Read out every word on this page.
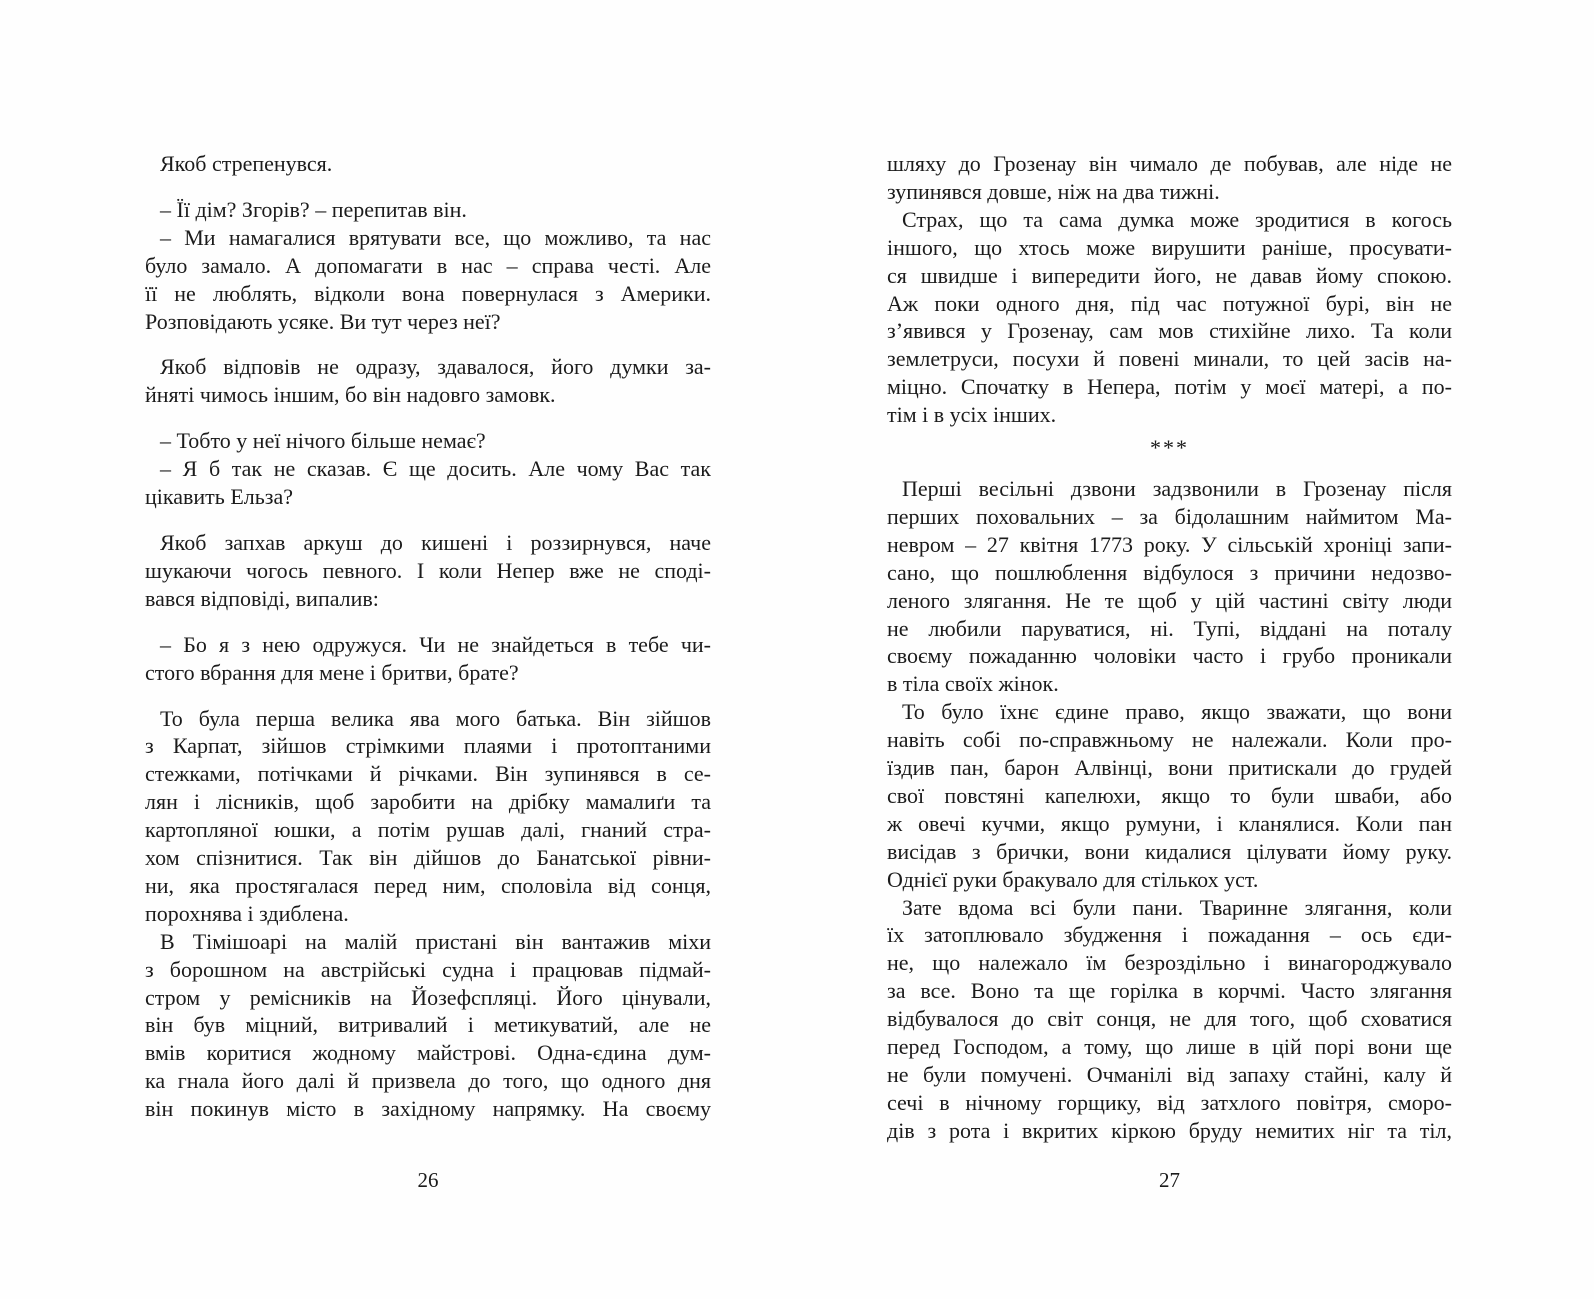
Якоб стрепенувся.
– Її дім? Згорів? – перепитав він.
– Ми намагалися врятувати все, що можливо, та нас
було замало. А допомагати в нас – справа честі. Але
її не люблять, відколи вона повернулася з Америки.
Розповідають усяке. Ви тут через неї?
Якоб відповів не одразу, здавалося, його думки за-
йняті чимось іншим, бо він надовго замовк.
– Тобто у неї нічого більше немає?
– Я б так не сказав. Є ще досить. Але чому Вас так
цікавить Ельза?
Якоб запхав аркуш до кишені і роззирнувся, наче
шукаючи чогось певного. І коли Непер вже не споді-
вався відповіді, випалив:
– Бо я з нею одружуся. Чи не знайдеться в тебе чи-
стого вбрання для мене і бритви, брате?
То була перша велика ява мого батька. Він зійшов
з Карпат, зійшов стрімкими плаями і протоптаними
стежками, потічками й річками. Він зупинявся в се-
лян і лісників, щоб заробити на дрібку мамалиґи та
картопляної юшки, а потім рушав далі, гнаний стра-
хом спізнитися. Так він дійшов до Банатської рівни-
ни, яка простягалася перед ним, споловіла від сонця,
порохнява і здиблена.
В Тімішоарі на малій пристані він вантажив міхи
з борошном на австрійські судна і працював підмай-
стром у ремісників на Йозефспляці. Його цінували,
він був міцний, витривалий і метикуватий, але не
вмів коритися жодному майстрові. Одна-єдина дум-
ка гнала його далі й призвела до того, що одного дня
він покинув місто в західному напрямку. На своєму
шляху до Грозенау він чимало де побував, але ніде не
зупинявся довше, ніж на два тижні.
Страх, що та сама думка може зродитися в когось
іншого, що хтось може вирушити раніше, просувати-
ся швидше і випередити його, не давав йому спокою.
Аж поки одного дня, під час потужної бурі, він не
з’явився у Грозенау, сам мов стихійне лихо. Та коли
землетруси, посухи й повені минали, то цей засів на-
міцно. Спочатку в Непера, потім у моєї матері, а по-
тім і в усіх інших.
***
Перші весільні дзвони задзвонили в Грозенау після
перших поховальних – за бідолашним наймитом Ма-
невром – 27 квітня 1773 року. У сільській хроніці запи-
сано, що пошлюблення відбулося з причини недозво-
леного злягання. Не те щоб у цій частині світу люди
не любили паруватися, ні. Тупі, віддані на поталу
своєму пожаданню чоловіки часто і грубо проникали
в тіла своїх жінок.
То було їхнє єдине право, якщо зважати, що вони
навіть собі по-справжньому не належали. Коли про-
їздив пан, барон Алвінці, вони притискали до грудей
свої повстяні капелюхи, якщо то були шваби, або
ж овечі кучми, якщо румуни, і кланялися. Коли пан
висідав з брички, вони кидалися цілувати йому руку.
Однієї руки бракувало для стількох уст.
Зате вдома всі були пани. Тваринне злягання, коли
їх затоплювало збудження і пожадання – ось єди-
не, що належало їм безроздільно і винагороджувало
за все. Воно та ще горілка в корчмі. Часто злягання
відбувалося до світ сонця, не для того, щоб сховатися
перед Господом, а тому, що лише в цій порі вони ще
не були помучені. Очманілі від запаху стайні, калу й
сечі в нічному горщику, від затхлого повітря, сморо-
дів з рота і вкритих кіркою бруду немитих ніг та тіл,
26	27
